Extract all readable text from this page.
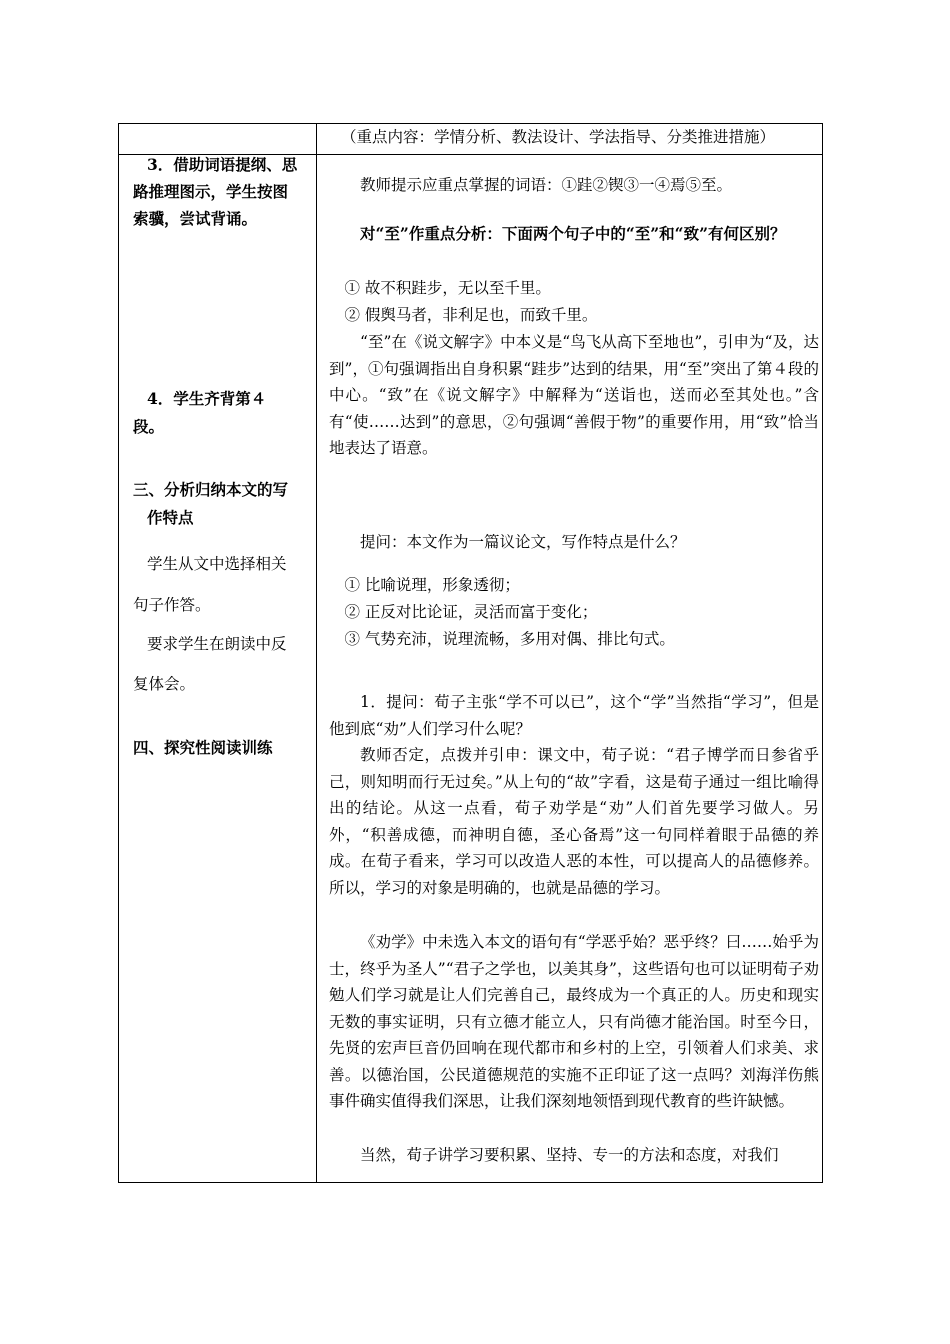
（重点内容：学情分析、教法设计、学法指导、分类推进措施）
3．借助词语提纲、思
路推理图示，学生按图
索骥，尝试背诵。
4．学生齐背第４
段。
三、分析归纳本文的写
作特点
学生从文中选择相关
句子作答。
要求学生在朗读中反
复体会。
四、探究性阅读训练
教师提示应重点掌握的词语：①跬②锲③一④焉⑤至。
对“至”作重点分析：下面两个句子中的“至”和“致”有何区别？
① 故不积跬步，无以至千里。
② 假舆马者，非利足也，而致千里。
“至”在《说文解字》中本义是“鸟飞从高下至地也”，引申为“及，达到”，①句强调指出自身积累“跬步”达到的结果，用“至”突出了第４段的中心。“致”在《说文解字》中解释为“送诣也，送而必至其处也。”含有“使……达到”的意思，②句强调“善假于物”的重要作用，用“致”恰当地表达了语意。
提问：本文作为一篇议论文，写作特点是什么？
① 比喻说理，形象透彻；
② 正反对比论证，灵活而富于变化；
③ 气势充沛，说理流畅，多用对偶、排比句式。
1．提问：荀子主张“学不可以已”，这个“学”当然指“学习”，但是他到底“劝”人们学习什么呢？
教师否定，点拨并引申：课文中，荀子说：“君子博学而日参省乎己，则知明而行无过矣。”从上句的“故”字看，这是荀子通过一组比喻得出的结论。从这一点看，荀子劝学是“劝”人们首先要学习做人。另外，“积善成德，而神明自德，圣心备焉”这一句同样着眼于品德的养成。在荀子看来，学习可以改造人恶的本性，可以提高人的品德修养。所以，学习的对象是明确的，也就是品德的学习。
《劝学》中未选入本文的语句有“学恶乎始？恶乎终？曰……始乎为士，终乎为圣人”“君子之学也，以美其身”，这些语句也可以证明荀子劝勉人们学习就是让人们完善自己，最终成为一个真正的人。历史和现实无数的事实证明，只有立德才能立人，只有尚德才能治国。时至今日，先贤的宏声巨音仍回响在现代都市和乡村的上空，引领着人们求美、求善。以德治国，公民道德规范的实施不正印证了这一点吗？刘海洋伤熊事件确实值得我们深思，让我们深刻地领悟到现代教育的些许缺憾。
当然，荀子讲学习要积累、坚持、专一的方法和态度，对我们
